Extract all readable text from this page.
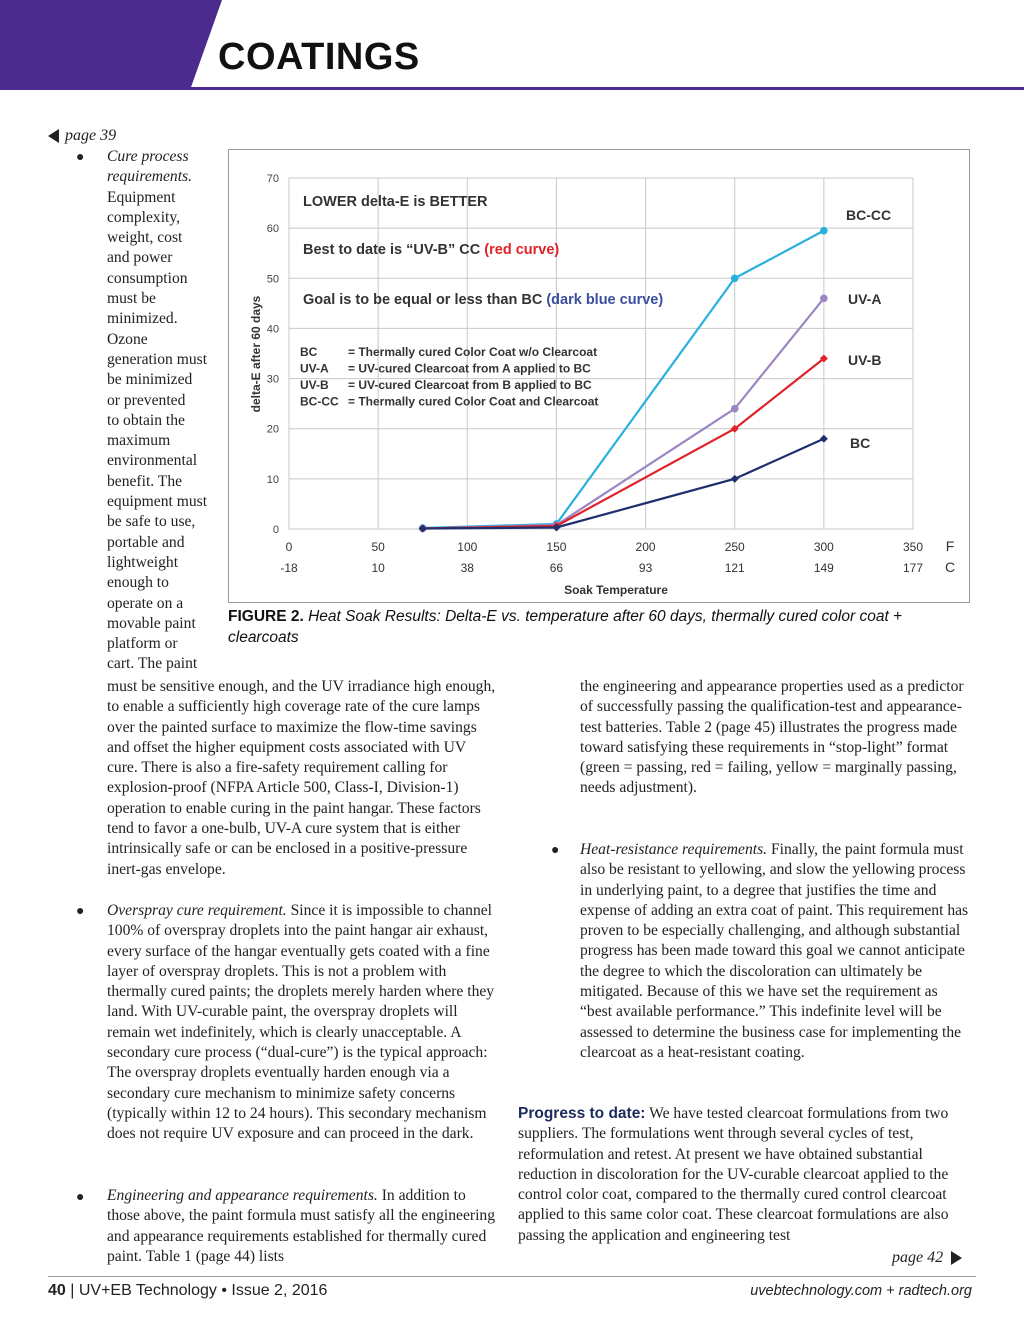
COATINGS
page 39
● Cure process
requirements.
Equipment
complexity,
weight, cost
and power
consumption
must be
minimized.
Ozone
generation must
be minimized
or prevented
to obtain the
maximum
environmental
benefit. The
equipment must
be safe to use,
portable and
lightweight
enough to
operate on a
movable paint
platform or
cart. The paint

must be sensitive enough, and the UV irradiance high enough, to enable a sufficiently high coverage rate of the cure lamps over the painted surface to maximize the flow-time savings and offset the higher equipment costs associated with UV cure. There is also a fire-safety requirement calling for explosion-proof (NFPA Article 500, Class-I, Division-1) operation to enable curing in the paint hangar. These factors tend to favor a one-bulb, UV-A cure system that is either intrinsically safe or can be enclosed in a positive-pressure inert-gas envelope.

● Overspray cure requirement. Since it is impossible to channel 100% of overspray droplets into the paint hangar air exhaust, every surface of the hangar eventually gets coated with a fine layer of overspray droplets. This is not a problem with thermally cured paints; the droplets merely harden where they land. With UV-curable paint, the overspray droplets will remain wet indefinitely, which is clearly unacceptable. A secondary cure process (“dual-cure”) is the typical approach: The overspray droplets eventually harden enough via a secondary cure mechanism to minimize safety concerns (typically within 12 to 24 hours). This secondary mechanism does not require UV exposure and can proceed in the dark.

● Engineering and appearance requirements. In addition to those above, the paint formula must satisfy all the engineering and appearance requirements established for thermally cured paint. Table 1 (page 44) lists

the engineering and appearance properties used as a predictor of successfully passing the qualification-test and appearance-test batteries. Table 2 (page 45) illustrates the progress made toward satisfying these requirements in “stop-light” format (green = passing, red = failing, yellow = marginally passing, needs adjustment).

● Heat-resistance requirements. Finally, the paint formula must also be resistant to yellowing, and slow the yellowing process in underlying paint, to a degree that justifies the time and expense of adding an extra coat of paint. This requirement has proven to be especially challenging, and although substantial progress has been made toward this goal we cannot anticipate the degree to which the discoloration can ultimately be mitigated. Because of this we have set the requirement as “best available performance.” This indefinite level will be assessed to determine the business case for implementing the clearcoat as a heat-resistant coating.

Progress to date: We have tested clearcoat formulations from two suppliers. The formulations went through several cycles of test, reformulation and retest. At present we have obtained substantial reduction in discoloration for the UV-curable clearcoat applied to the control color coat, compared to the thermally cured control clearcoat applied to this same color coat. These clearcoat formulations are also passing the application and engineering test

0
10
20
30
40
50
60
70
0
-18
50
10
100
38
150
66
200
93
250
121
300
149
350
177
F
C
Soak Temperature
delta-E after 60 days
LOWER delta-E is BETTER
Best to date is “UV-B” CC (red curve)
Goal is to be equal or less than BC (dark blue curve)
BC	= Thermally cured Color Coat w/o Clearcoat
UV-A = UV-cured Clearcoat from A applied to BC
UV-B = UV-cured Clearcoat from B applied to BC
BC-CC = Thermally cured Color Coat and Clearcoat
BC-CC
UV-A
UV-B
BC
FIGURE 2. Heat Soak Results: Delta-E vs. temperature after 60 days, thermally cured color coat + clearcoats
page 42
40 | UV+EB Technology • Issue 2, 2016	uvebtechnology.com + radtech.org
